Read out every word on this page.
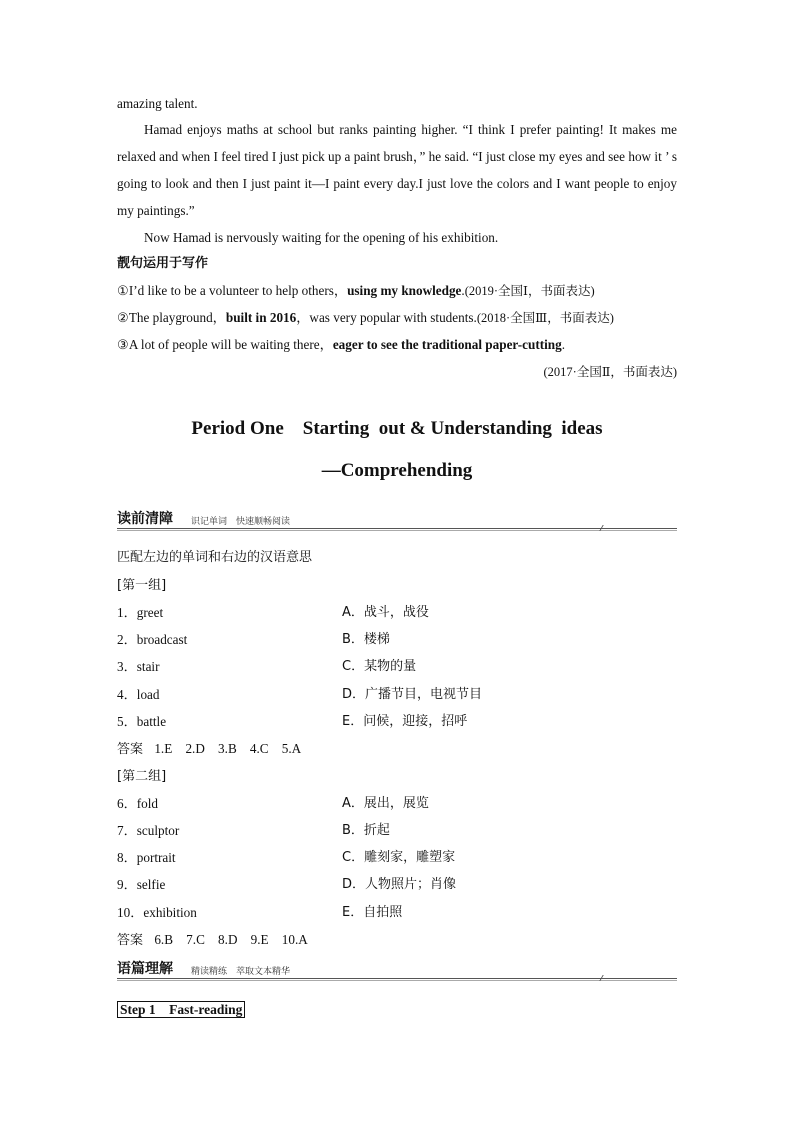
amazing talent.
Hamad enjoys maths at school but ranks painting higher. “I think I prefer painting! It makes me relaxed and when I feel tired I just pick up a paint brush，” he said. “I just close my eyes and see how it ’ s going to look and then I just paint it—I paint every day.I just love the colors and I want people to enjoy my paintings.”
Now Hamad is nervously waiting for the opening of his exhibition.
靓句运用于写作
①I’d like to be a volunteer to help others，using my knowledge.(2019·全国Ⅰ，书面表达)
②The playground，built in 2016，was very popular with students.(2018·全国Ⅲ，书面表达)
③A lot of people will be waiting there，eager to see the traditional paper-cutting.
(2017·全国Ⅱ，书面表达)
Period One    Starting  out & Understanding  ideas
—Comprehending
读前清障 识记单词　快速顺畅阅读
匹配左边的单词和右边的汉语意思
[第一组]
1．greet	A．战斗，战役
2．broadcast	B．楼梯
3．stair	C．某物的量
4．load	D．广播节目，电视节目
5．battle	E．问候，迎接，招呼
答案 1.E　2.D　3.B　4.C　5.A
[第二组]
6．fold	A．展出，展览
7．sculptor	B．折起
8．portrait	C．雕刻家，雕塑家
9．selfie	D．人物照片；肖像
10．exhibition	E．自拍照
答案 6.B　7.C　8.D　9.E　10.A
语篇理解 精读精练　萃取文本精华
Step 1　Fast-reading
